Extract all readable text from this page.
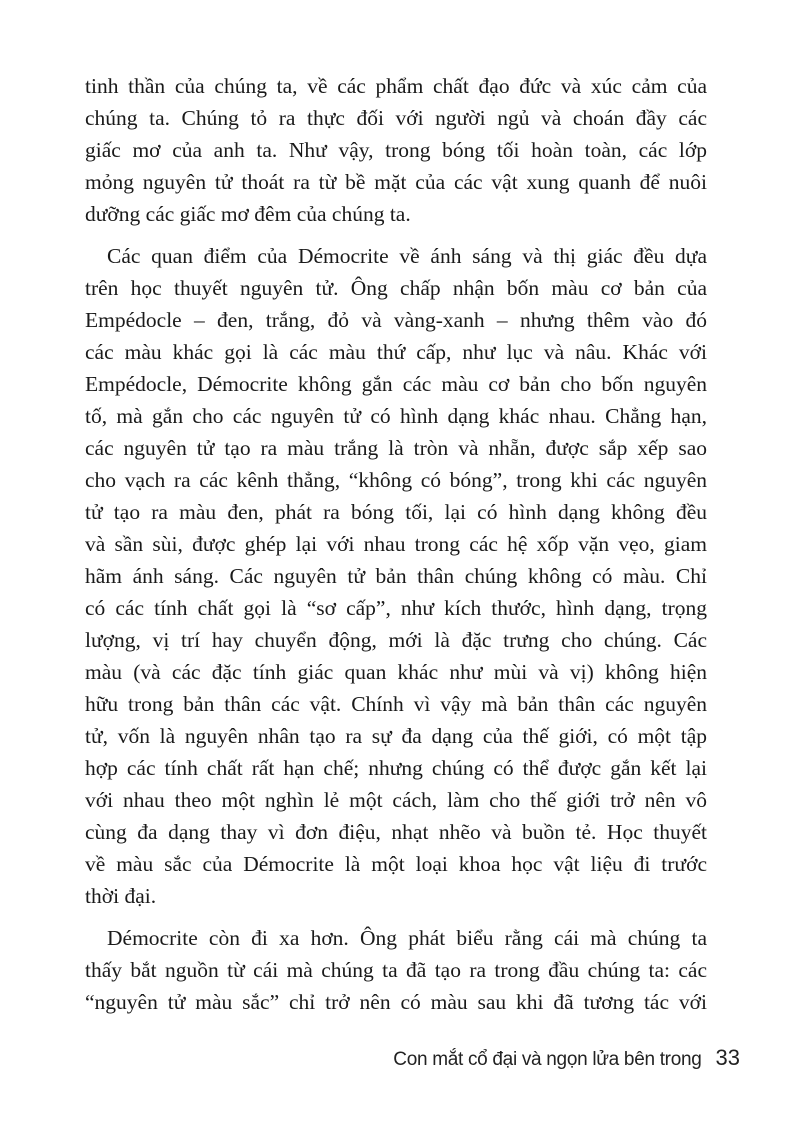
tinh thần của chúng ta, về các phẩm chất đạo đức và xúc cảm của
chúng ta. Chúng tỏ ra thực đối với người ngủ và choán đầy các
giấc mơ của anh ta. Như vậy, trong bóng tối hoàn toàn, các lớp
mỏng nguyên tử thoát ra từ bề mặt của các vật xung quanh để nuôi
dưỡng các giấc mơ đêm của chúng ta.
Các quan điểm của Démocrite về ánh sáng và thị giác đều dựa
trên học thuyết nguyên tử. Ông chấp nhận bốn màu cơ bản của
Empédocle – đen, trắng, đỏ và vàng-xanh – nhưng thêm vào đó
các màu khác gọi là các màu thứ cấp, như lục và nâu. Khác với
Empédocle, Démocrite không gắn các màu cơ bản cho bốn nguyên
tố, mà gắn cho các nguyên tử có hình dạng khác nhau. Chẳng hạn,
các nguyên tử tạo ra màu trắng là tròn và nhẵn, được sắp xếp sao
cho vạch ra các kênh thẳng, “không có bóng”, trong khi các nguyên
tử tạo ra màu đen, phát ra bóng tối, lại có hình dạng không đều
và sần sùi, được ghép lại với nhau trong các hệ xốp vặn vẹo, giam
hãm ánh sáng. Các nguyên tử bản thân chúng không có màu. Chỉ
có các tính chất gọi là “sơ cấp”, như kích thước, hình dạng, trọng
lượng, vị trí hay chuyển động, mới là đặc trưng cho chúng. Các
màu (và các đặc tính giác quan khác như mùi và vị) không hiện
hữu trong bản thân các vật. Chính vì vậy mà bản thân các nguyên
tử, vốn là nguyên nhân tạo ra sự đa dạng của thế giới, có một tập
hợp các tính chất rất hạn chế; nhưng chúng có thể được gắn kết lại
với nhau theo một nghìn lẻ một cách, làm cho thế giới trở nên vô
cùng đa dạng thay vì đơn điệu, nhạt nhẽo và buồn tẻ. Học thuyết
về màu sắc của Démocrite là một loại khoa học vật liệu đi trước
thời đại.
Démocrite còn đi xa hơn. Ông phát biểu rằng cái mà chúng ta
thấy bắt nguồn từ cái mà chúng ta đã tạo ra trong đầu chúng ta: các
“nguyên tử màu sắc” chỉ trở nên có màu sau khi đã tương tác với
Con mắt cổ đại và ngọn lửa bên trong 33
